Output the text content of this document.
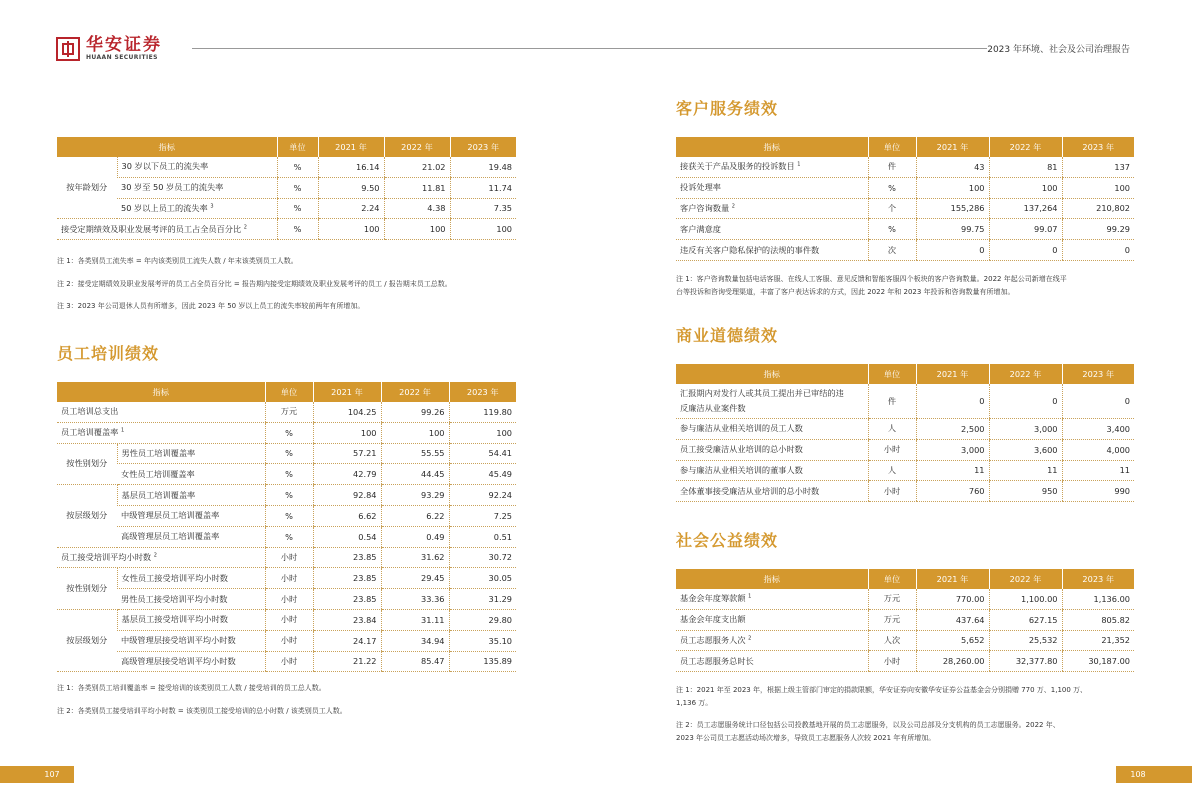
华安证券
HUAAN SECURITIES
2023 年环境、社会及公司治理报告
指标		单位	2021 年	2022 年	2023 年
按年龄划分	30 岁以下员工的流失率	%	16.14	21.02	19.48
	30 岁至 50 岁员工的流失率	%	9.50	11.81	11.74
	50 岁以上员工的流失率 $^3$	%	2.24	4.38	7.35
接受定期绩效及职业发展考评的员工占全员百分比 $^2$		%	100	100	100
注 1：各类别员工流失率 = 年内该类别员工流失人数 / 年末该类别员工人数。
注 2：接受定期绩效及职业发展考评的员工占全员百分比 = 报告期内接受定期绩效及职业发展考评的员工 / 报告期末员工总数。
注 3：2023 年公司退休人员有所增多，因此 2023 年 50 岁以上员工的流失率较前两年有所增加。
员工培训绩效
指标		单位	2021 年	2022 年	2023 年
员工培训总支出		万元	104.25	99.26	119.80
员工培训覆盖率 $^1$		%	100	100	100
按性别划分	男性员工培训覆盖率	%	57.21	55.55	54.41
	女性员工培训覆盖率	%	42.79	44.45	45.49
按层级划分	基层员工培训覆盖率	%	92.84	93.29	92.24
	中级管理层员工培训覆盖率	%	6.62	6.22	7.25
	高级管理层员工培训覆盖率	%	0.54	0.49	0.51
员工接受培训平均小时数 $^2$		小时	23.85	31.62	30.72
按性别划分	女性员工接受培训平均小时数	小时	23.85	29.45	30.05
	男性员工接受培训平均小时数	小时	23.85	33.36	31.29
按层级划分	基层员工接受培训平均小时数	小时	23.84	31.11	29.80
	中级管理层接受培训平均小时数	小时	24.17	34.94	35.10
	高级管理层接受培训平均小时数	小时	21.22	85.47	135.89
注 1：各类别员工培训覆盖率 = 接受培训的该类别员工人数 / 接受培训的员工总人数。
注 2：各类别员工接受培训平均小时数 = 该类别员工接受培训的总小时数 / 该类别员工人数。
客户服务绩效
指标	单位	2021 年	2022 年	2023 年
接获关于产品及服务的投诉数目 $^1$	件	43	81	137
投诉处理率	%	100	100	100
客户咨询数量 $^2$	个	155,286	137,264	210,802
客户满意度	%	99.75	99.07	99.29
违反有关客户隐私保护的法规的事件数	次	0	0	0
注 1：客户咨询数量包括电话客服、在线人工客服、意见反馈和智能客服四个板块的客户咨询数量。2022 年起公司新增在线平
台等投诉和咨询受理渠道，丰富了客户表达诉求的方式，因此 2022 年和 2023 年投诉和咨询数量有所增加。
商业道德绩效
指标	单位	2021 年	2022 年	2023 年
汇报期内对发行人或其员工提出并已审结的违
反廉洁从业案件数	件	0	0	0
参与廉洁从业相关培训的员工人数	人	2,500	3,000	3,400
员工接受廉洁从业培训的总小时数	小时	3,000	3,600	4,000
参与廉洁从业相关培训的董事人数	人	11	11	11
全体董事接受廉洁从业培训的总小时数	小时	760	950	990
社会公益绩效
指标	单位	2021 年	2022 年	2023 年
基金会年度筹款额 $^1$	万元	770.00	1,100.00	1,136.00
基金会年度支出额	万元	437.64	627.15	805.82
员工志愿服务人次 $^2$	人次	5,652	25,532	21,352
员工志愿服务总时长	小时	28,260.00	32,377.80	30,187.00
注 1：2021 年至 2023 年，根据上级主管部门审定的捐款限额，华安证券向安徽华安证券公益基金会分别捐赠 770 万、1,100 万、
1,136 万。
注 2：员工志愿服务统计口径包括公司投教基地开展的员工志愿服务，以及公司总部及分支机构的员工志愿服务。2022 年、
2023 年公司员工志愿活动场次增多，导致员工志愿服务人次较 2021 年有所增加。
107	108
